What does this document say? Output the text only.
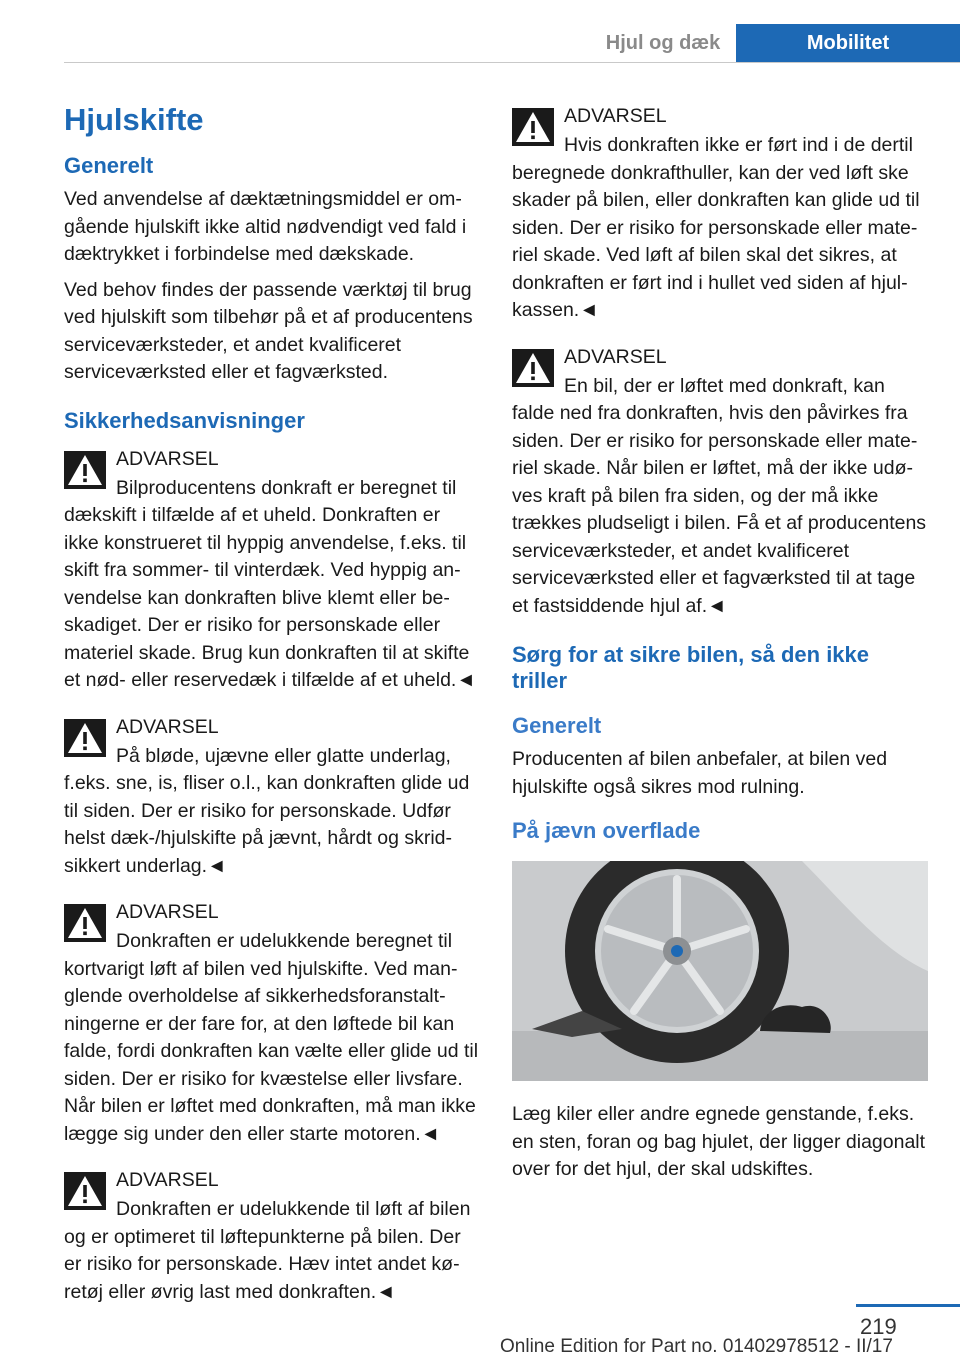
Hjul og dæk	Mobilitet
Hjulskifte
Generelt

Ved anvendelse af dæktætningsmiddel er omgående hjulskift ikke altid nødvendigt ved fald i dæktrykket i forbindelse med dækskade.

Ved behov findes der passende værktøj til brug ved hjulskift som tilbehør på et af producentens serviceværksteder, et andet kvalificeret serviceværksted eller et fagværksted.

Sikkerhedsanvisninger
ADVARSEL
Bilproducentens donkraft er beregnet til

dækskift i tilfælde af et uheld. Donkraften er ikke konstrueret til hyppig anvendelse, f.eks. til skift fra sommer- til vinterdæk. Ved hyppig anvendelse kan donkraften blive klemt eller beskadiget. Der er risiko for personskade eller materiel skade. Brug kun donkraften til at skifte et nød- eller reservedæk i tilfælde af et uheld.◄

ADVARSEL
På bløde, ujævne eller glatte underlag,

f.eks. sne, is, fliser o.l., kan donkraften glide ud til siden. Der er risiko for personskade. Udfør helst dæk-/hjulskifte på jævnt, hårdt og skridsikkert underlag.◄

ADVARSEL
Donkraften er udelukkende beregnet til

kortvarigt løft af bilen ved hjulskifte. Ved manglende overholdelse af sikkerhedsforanstaltningerne er der fare for, at den løftede bil kan falde, fordi donkraften kan vælte eller glide ud til siden. Der er risiko for kvæstelse eller livsfare. Når bilen er løftet med donkraften, må man ikke lægge sig under den eller starte motoren.◄

ADVARSEL
Donkraften er udelukkende til løft af bilen

og er optimeret til løftepunkterne på bilen. Der er risiko for personskade. Hæv intet andet køretøj eller øvrig last med donkraften.◄

ADVARSEL
Hvis donkraften ikke er ført ind i de dertil

beregnede donkrafthuller, kan der ved løft ske skader på bilen, eller donkraften kan glide ud til siden. Der er risiko for personskade eller materiel skade. Ved løft af bilen skal det sikres, at donkraften er ført ind i hullet ved siden af hjulkassen.◄

ADVARSEL
En bil, der er løftet med donkraft, kan

falde ned fra donkraften, hvis den påvirkes fra siden. Der er risiko for personskade eller materiel skade. Når bilen er løftet, må der ikke udøves kraft på bilen fra siden, og der må ikke trækkes pludseligt i bilen. Få et af producentens serviceværksteder, et andet kvalificeret serviceværksted eller et fagværksted til at tage et fastsiddende hjul af.◄

Sørg for at sikre bilen, så den ikke triller
Generelt

Producenten af bilen anbefaler, at bilen ved hjulskifte også sikres mod rulning.

På jævn overflade

Læg kiler eller andre egnede genstande, f.eks. en sten, foran og bag hjulet, der ligger diagonalt over for det hjul, der skal udskiftes.

219
Online Edition for Part no. 01402978512 - II/17
